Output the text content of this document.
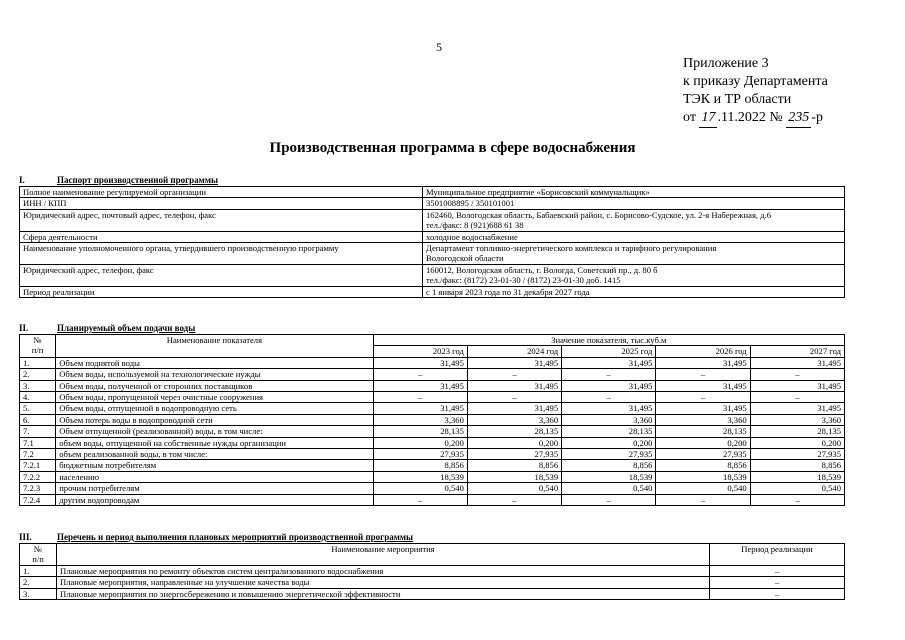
5
Приложение 3
к приказу Департамента
ТЭК и ТР области
от 17 .11.2022 № 235 -р
Производственная программа в сфере водоснабжения
I.	Паспорт производственной программы
Полное наименование регулируемой организации	Муниципальное предприятие «Борисовский коммунальщик»

ИНН / КПП	3501008895 / 350101001

Юридический адрес, почтовый адрес, телефон, факс	162460, Вологодская область, Бабаевский район, с. Борисово-Судское, ул. 2-я Набережная, д.6
тел./факс: 8 (921)688 61 38

Сфера деятельности	холодное водоснабжение

Наименование уполномоченного органа, утвердившего производственную программу	Департамент топливно-энергетического комплекса и тарифного регулирования
Вологодской области

Юридический адрес, телефон, факс	160012, Вологодская область, г. Вологда, Советский пр., д. 80 б
тел./факс: (8172) 23-01-30 / (8172) 23-01-30 доб. 1415

Период реализации	с 1 января 2023 года по 31 декабря 2027 года
II.	Планируемый объем подачи воды
№
п/п	Наименование показателя	Значение показателя, тыс.куб.м				
		2023 год	2024 год	2025 год	2026 год	2027 год
1.	Объем поднятой воды	31,495	31,495	31,495	31,495	31,495
2.	Объем воды, используемой на технологические нужды	–	–	–	–	–
3.	Объем воды, полученной от сторонних поставщиков	31,495	31,495	31,495	31,495	31,495
4.	Объем воды, пропущенной через очистные сооружения	–	–	–	–	–
5.	Объем воды, отпущенной в водопроводную сеть	31,495	31,495	31,495	31,495	31,495
6.	Объем потерь воды в водопроводной сети	3,360	3,360	3,360	3,360	3,360
7.	Объем отпущенной (реализованной) воды, в том числе:	28,135	28,135	28,135	28,135	28,135
7.1	объем воды, отпущенной на собственные нужды организации	0,200	0,200	0,200	0,200	0,200
7.2	объем реализованной воды, в том числе:	27,935	27,935	27,935	27,935	27,935
7.2.1	бюджетным потребителям	8,856	8,856	8,856	8,856	8,856
7.2.2	населению	18,539	18,539	18,539	18,539	18,539
7.2.3	прочим потребителям	0,540	0,540	0,540	0,540	0,540
7.2.4	другим водопроводам	–	–	–	–	–
III.	Перечень и период выполнения плановых мероприятий производственной программы
№
п/п	Наименование мероприятия	Период реализации
1.	Плановые мероприятия по ремонту объектов систем централизованного водоснабжения	–
2.	Плановые мероприятия, направленные на улучшение качества воды	–
3.	Плановые мероприятия по энергосбережению и повышению энергетической эффективности	–
